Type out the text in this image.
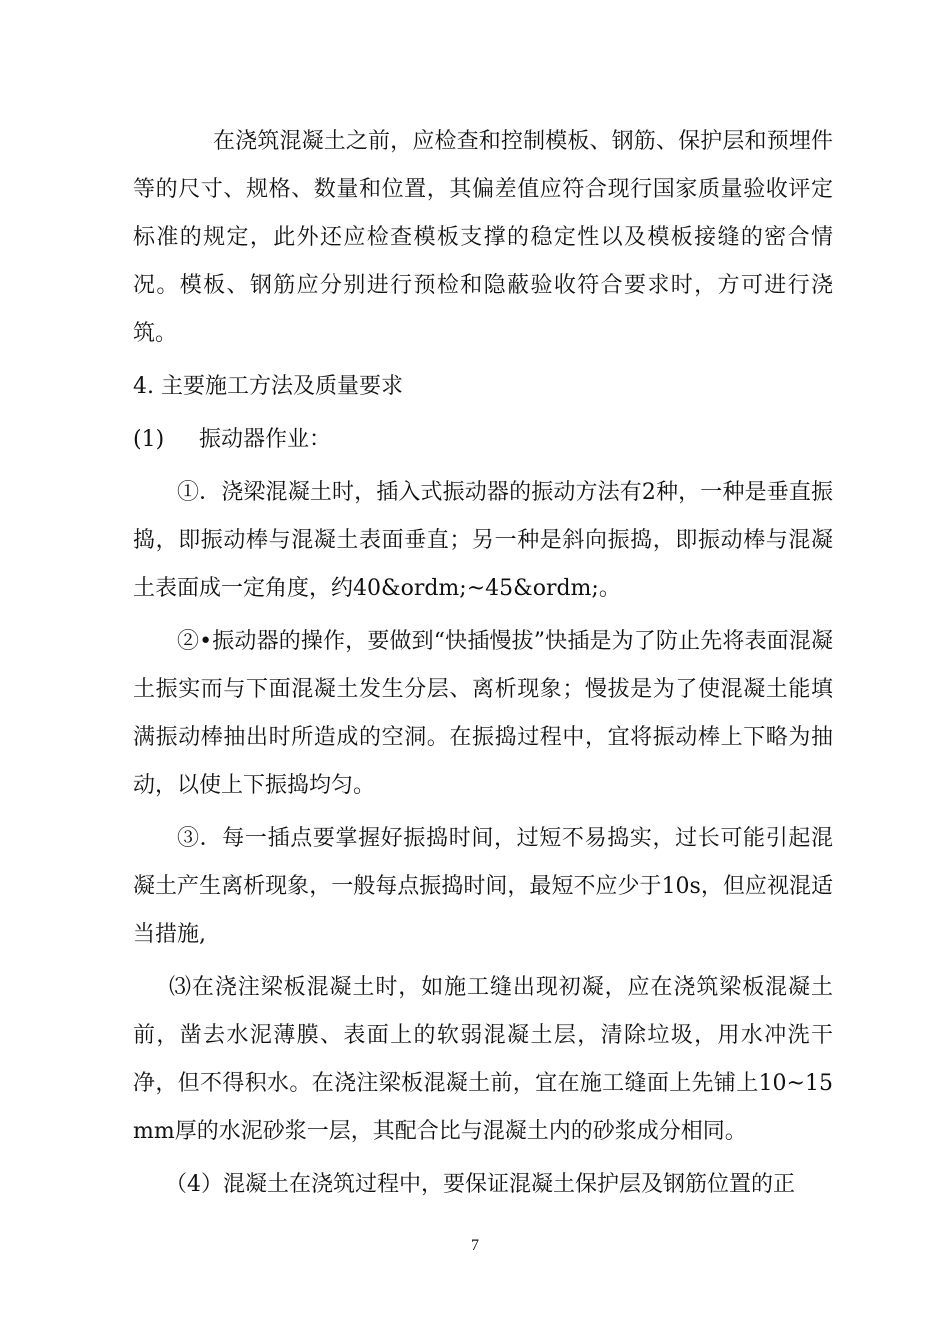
在浇筑混凝土之前，应检查和控制模板、钢筋、保护层和预埋件等的尺寸、规格、数量和位置，其偏差值应符合现行国家质量验收评定标准的规定，此外还应检查模板支撑的稳定性以及模板接缝的密合情况。模板、钢筋应分别进行预检和隐蔽验收符合要求时，方可进行浇筑。

4. 主要施工方法及质量要求

(1) 振动器作业：

①．浇梁混凝土时，插入式振动器的振动方法有2种，一种是垂直振捣，即振动棒与混凝土表面垂直；另一种是斜向振捣，即振动棒与混凝土表面成一定角度，约40&ordm;~45&ordm;。

②•振动器的操作，要做到“快插慢拔”快插是为了防止先将表面混凝土振实而与下面混凝土发生分层、离析现象；慢拔是为了使混凝土能填满振动棒抽出时所造成的空洞。在振捣过程中，宜将振动棒上下略为抽动，以使上下振捣均匀。

③．每一插点要掌握好振捣时间，过短不易捣实，过长可能引起混凝土产生离析现象，一般每点振捣时间，最短不应少于10s，但应视混适当措施,

⑶在浇注梁板混凝土时，如施工缝出现初凝，应在浇筑梁板混凝土前，凿去水泥薄膜、表面上的软弱混凝土层，清除垃圾，用水冲洗干净，但不得积水。在浇注梁板混凝土前，宜在施工缝面上先铺上10~15mm厚的水泥砂浆一层，其配合比与混凝土内的砂浆成分相同。

（4）混凝土在浇筑过程中，要保证混凝土保护层及钢筋位置的正

7
